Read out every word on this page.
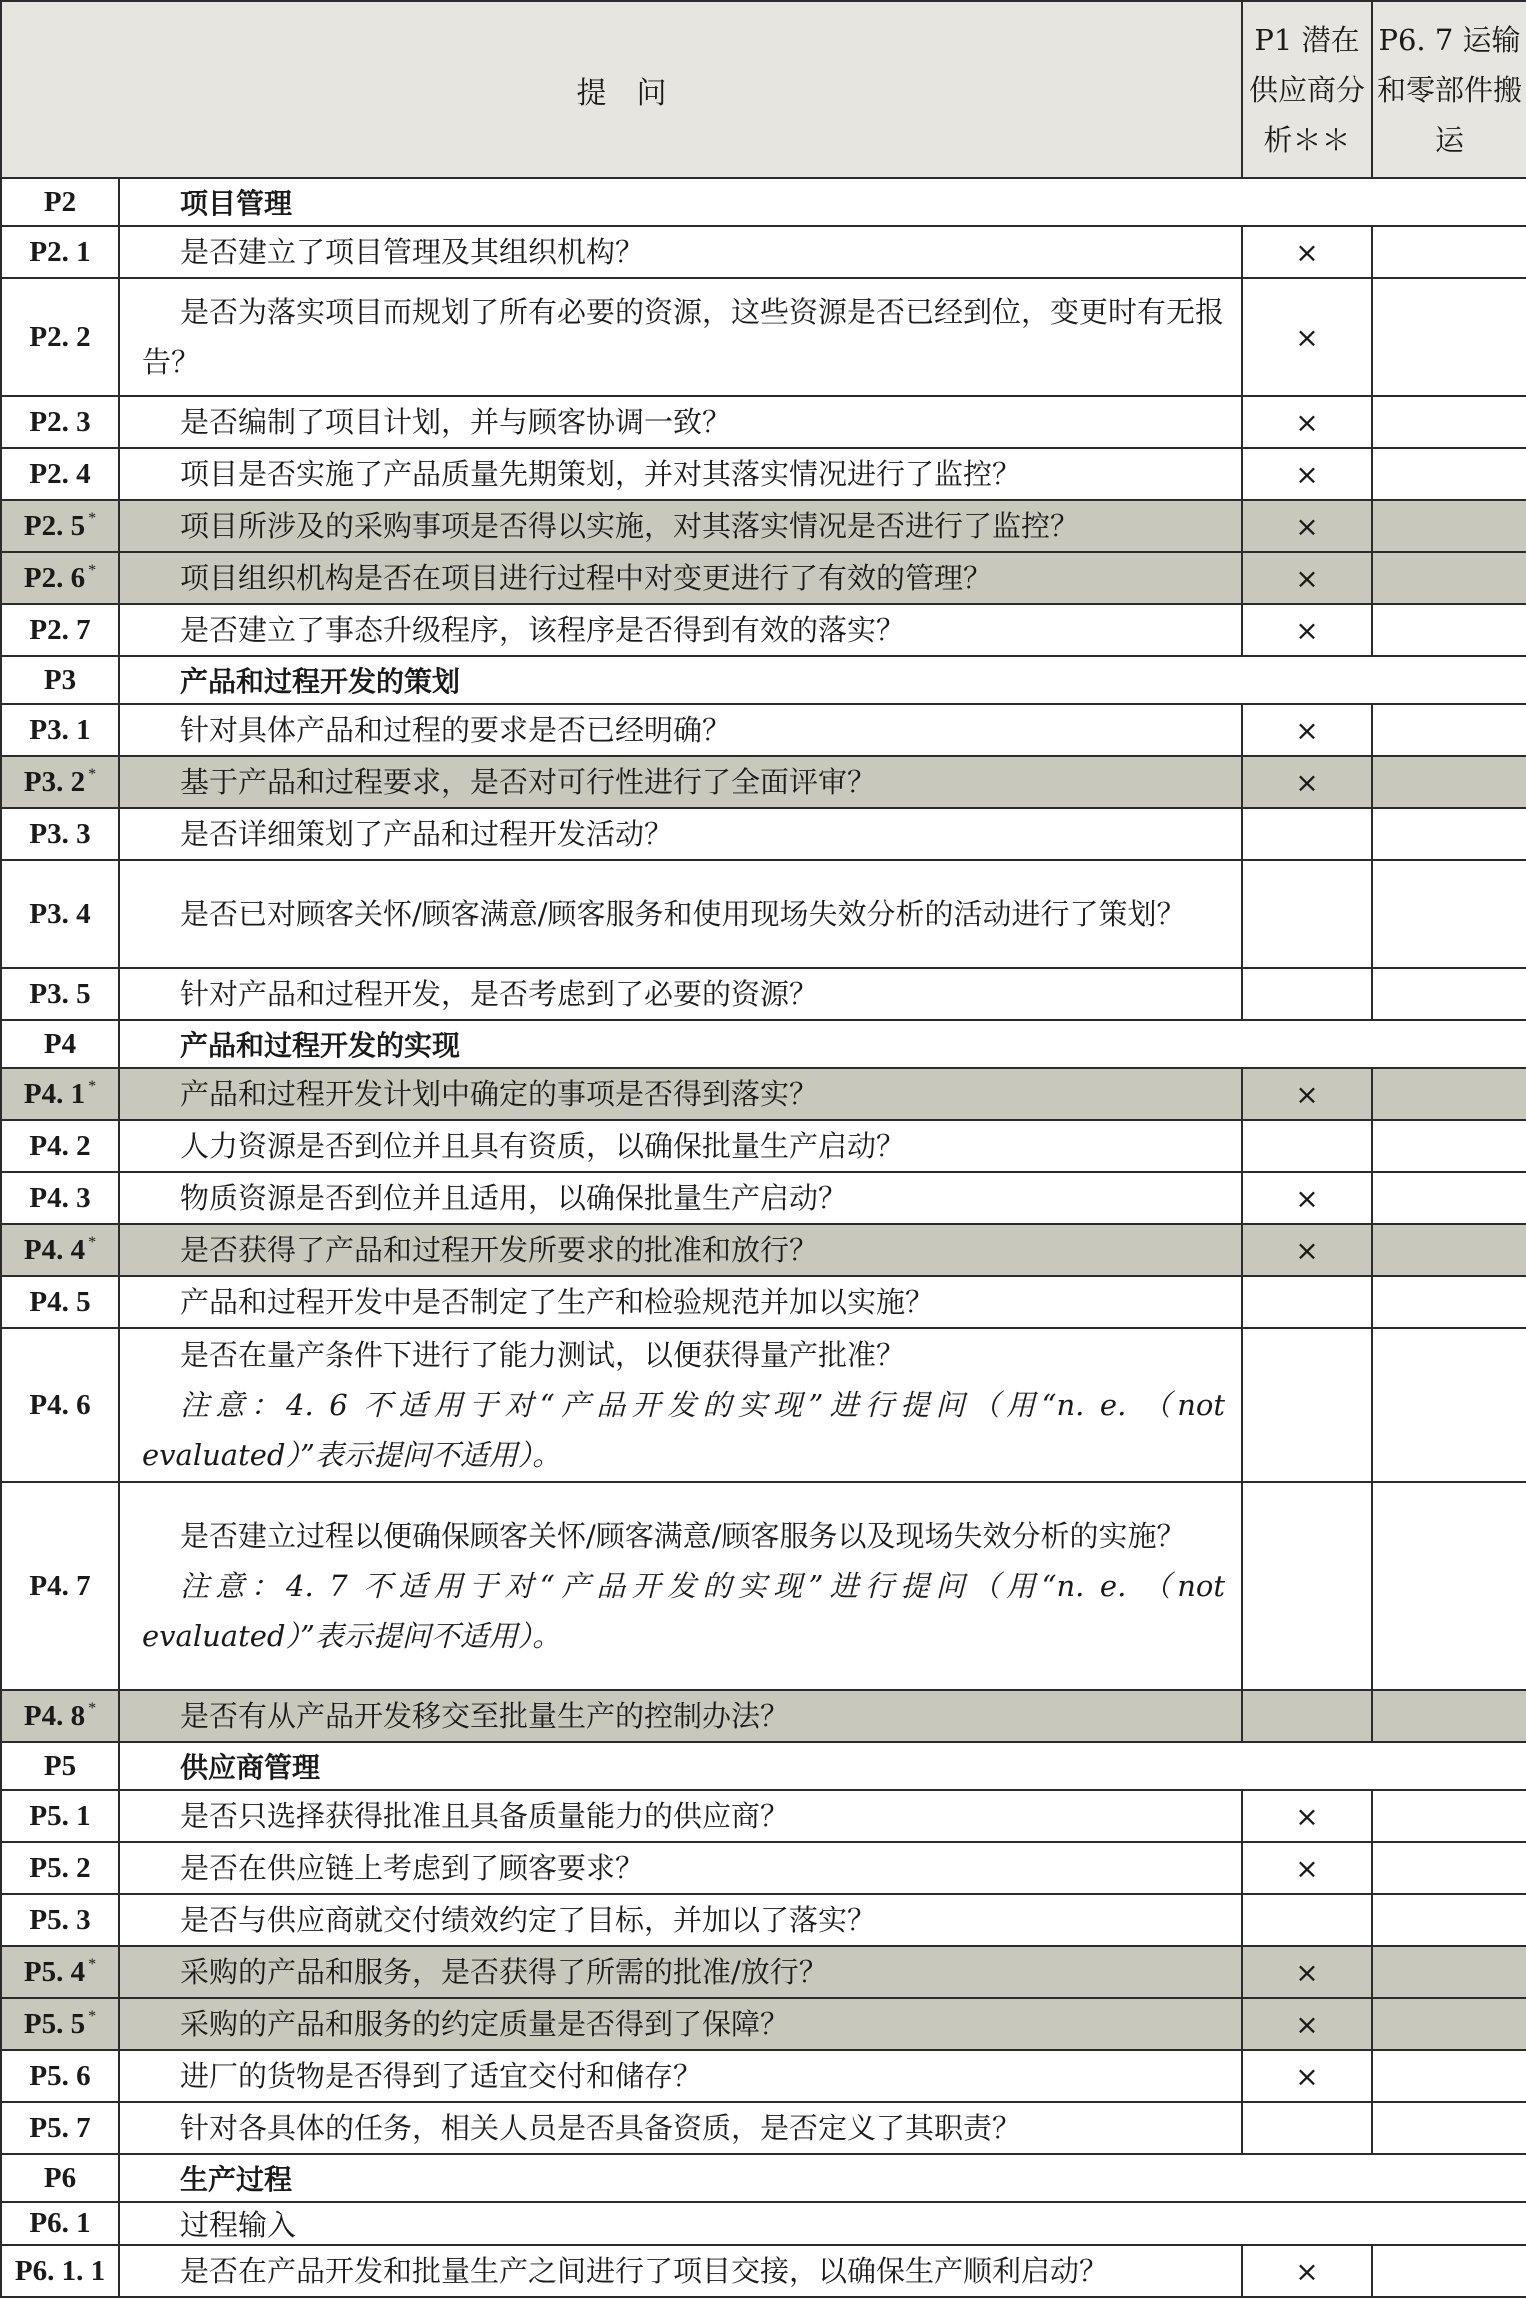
提　问		P1 潜在供应商分析＊＊	P6. 7 运输和零部件搬运
P2	项目管理		
P2. 1	是否建立了项目管理及其组织机构？	×	
P2. 2	是否为落实项目而规划了所有必要的资源，这些资源是否已经到位，变更时有无报告？	×	
P2. 3	是否编制了项目计划，并与顾客协调一致？	×	
P2. 4	项目是否实施了产品质量先期策划，并对其落实情况进行了监控？	×	
P2. 5 *	项目所涉及的采购事项是否得以实施，对其落实情况是否进行了监控？	×	
P2. 6 *	项目组织机构是否在项目进行过程中对变更进行了有效的管理？	×	
P2. 7	是否建立了事态升级程序，该程序是否得到有效的落实？	×	
P3	产品和过程开发的策划		
P3. 1	针对具体产品和过程的要求是否已经明确？	×	
P3. 2 *	基于产品和过程要求，是否对可行性进行了全面评审？	×	
P3. 3	是否详细策划了产品和过程开发活动？		

P3. 4	是否已对顾客关怀/顾客满意/顾客服务和使用现场失效分析的活动进行了策划？		

P3. 5	针对产品和过程开发，是否考虑到了必要的资源？		

P4	产品和过程开发的实现		
P4. 1 *	产品和过程开发计划中确定的事项是否得到落实？	×	
P4. 2	人力资源是否到位并且具有资质，以确保批量生产启动？		

P4. 3	物质资源是否到位并且适用，以确保批量生产启动？	×	
P4. 4 *	是否获得了产品和过程开发所要求的批准和放行？	×	
P4. 5	产品和过程开发中是否制定了生产和检验规范并加以实施？		

P4. 6	是否在量产条件下进行了能力测试，以便获得量产批准？
注意：4. 6 不适用于对“产品开发的实现”进行提问（用“n. e. （not evaluated）”表示提问不适用）。		

P4. 7	是否建立过程以便确保顾客关怀/顾客满意/顾客服务以及现场失效分析的实施？
注意：4. 7 不适用于对“产品开发的实现”进行提问（用“n. e. （not evaluated）”表示提问不适用）。		

P4. 8 *	是否有从产品开发移交至批量生产的控制办法？		

P5	供应商管理		
P5. 1	是否只选择获得批准且具备质量能力的供应商？	×	
P5. 2	是否在供应链上考虑到了顾客要求？	×	
P5. 3	是否与供应商就交付绩效约定了目标，并加以了落实？		

P5. 4 *	采购的产品和服务，是否获得了所需的批准/放行？	×	
P5. 5 *	采购的产品和服务的约定质量是否得到了保障？	×	
P5. 6	进厂的货物是否得到了适宜交付和储存？	×	
P5. 7	针对各具体的任务，相关人员是否具备资质，是否定义了其职责？		

P6	生产过程		
P6. 1	过程输入		
P6. 1. 1	是否在产品开发和批量生产之间进行了项目交接，以确保生产顺利启动？	×	
